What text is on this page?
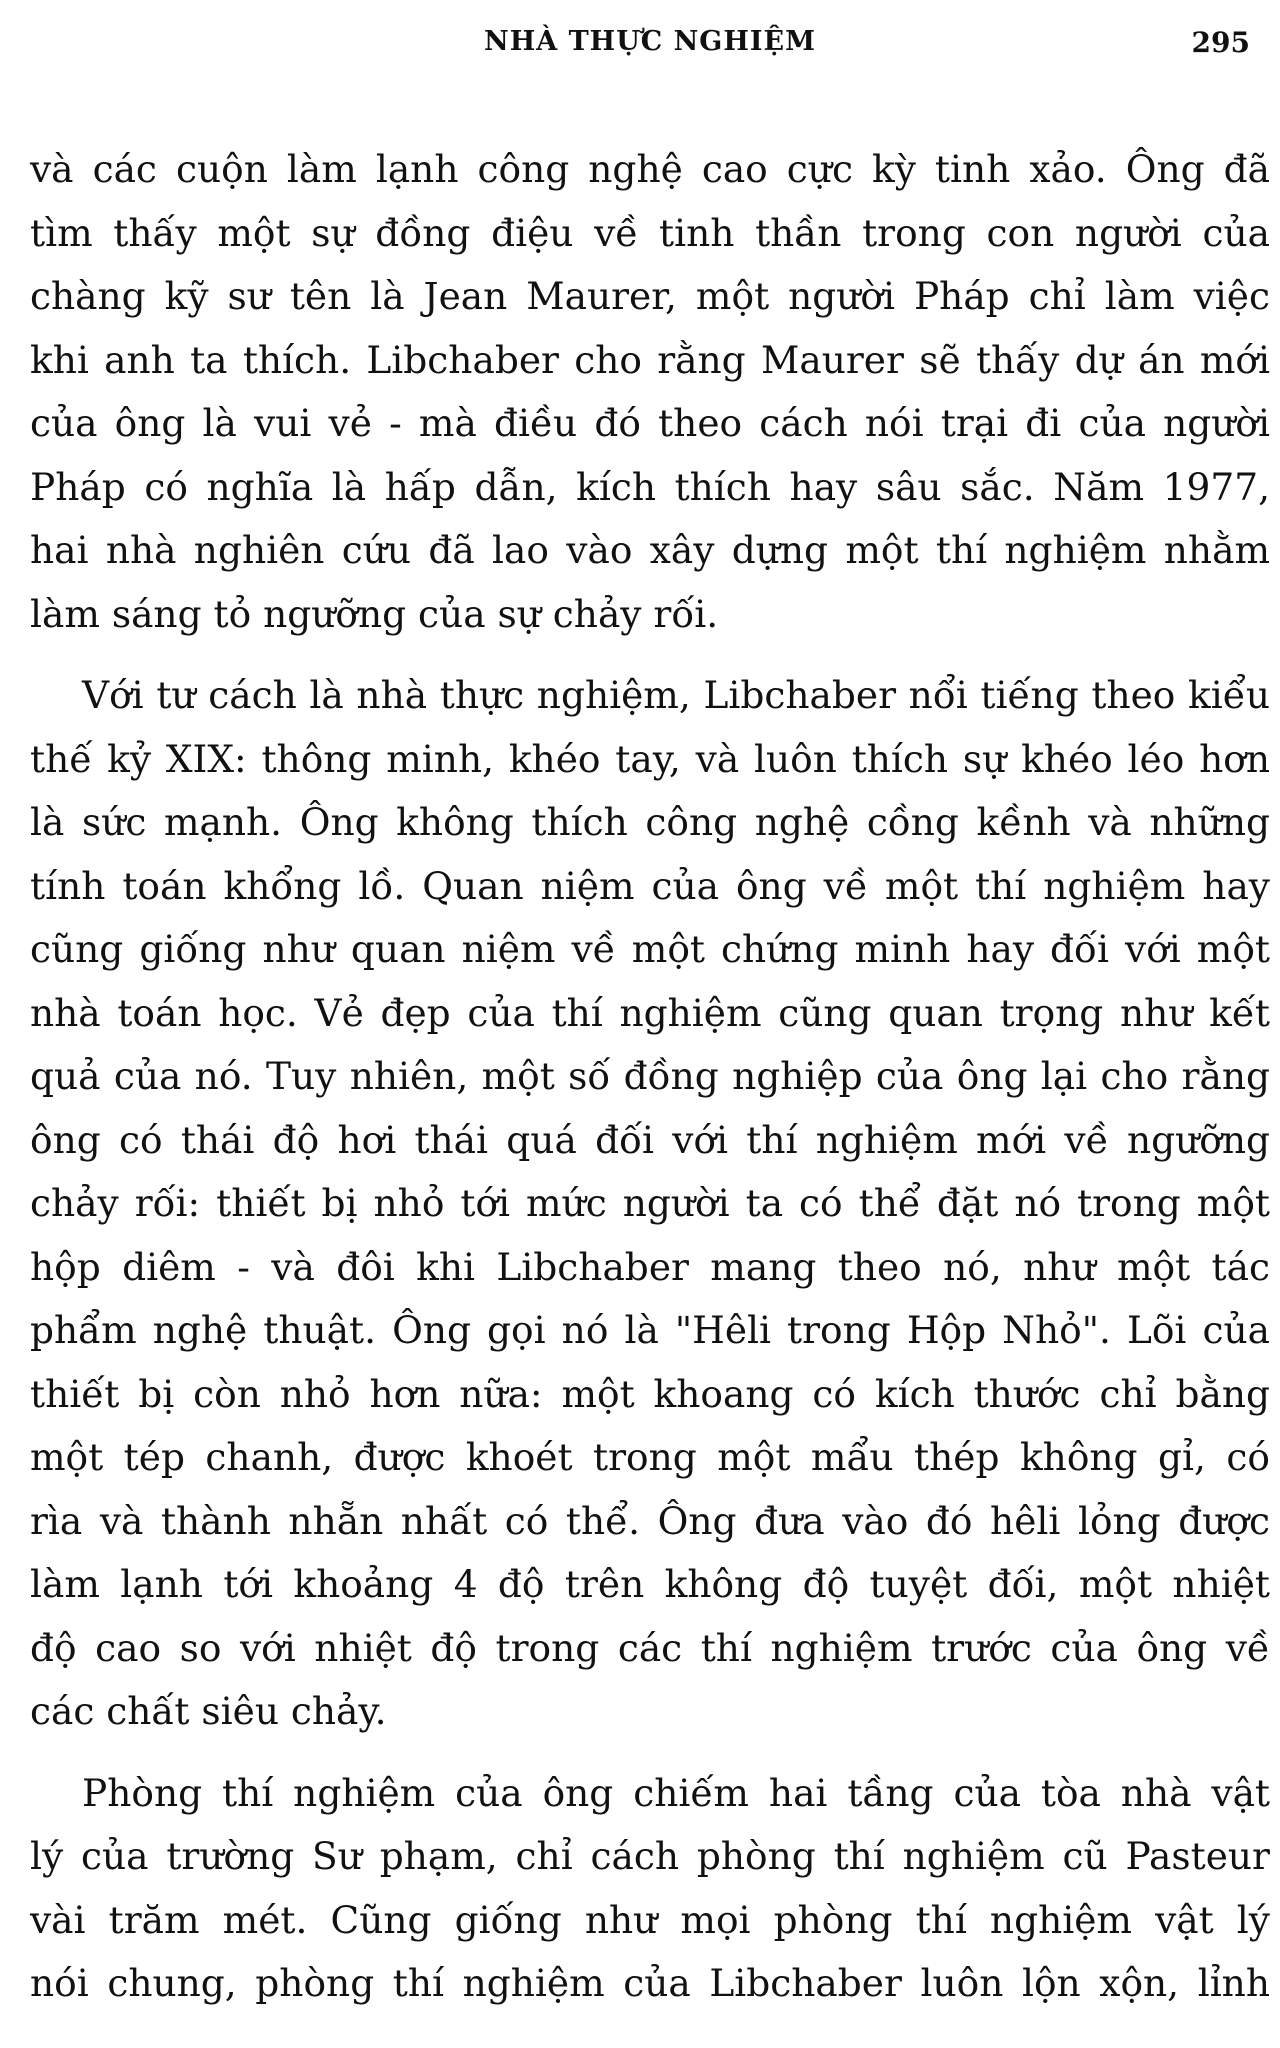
NHÀ THỰC NGHIỆM	295
và các cuộn làm lạnh công nghệ cao cực kỳ tinh xảo. Ông đã
tìm thấy một sự đồng điệu về tinh thần trong con người của
chàng kỹ sư tên là Jean Maurer, một người Pháp chỉ làm việc
khi anh ta thích. Libchaber cho rằng Maurer sẽ thấy dự án mới
của ông là vui vẻ - mà điều đó theo cách nói trại đi của người
Pháp có nghĩa là hấp dẫn, kích thích hay sâu sắc. Năm 1977,
hai nhà nghiên cứu đã lao vào xây dựng một thí nghiệm nhằm
làm sáng tỏ ngưỡng của sự chảy rối.
Với tư cách là nhà thực nghiệm, Libchaber nổi tiếng theo kiểu
thế kỷ XIX: thông minh, khéo tay, và luôn thích sự khéo léo hơn
là sức mạnh. Ông không thích công nghệ cồng kềnh và những
tính toán khổng lồ. Quan niệm của ông về một thí nghiệm hay
cũng giống như quan niệm về một chứng minh hay đối với một
nhà toán học. Vẻ đẹp của thí nghiệm cũng quan trọng như kết
quả của nó. Tuy nhiên, một số đồng nghiệp của ông lại cho rằng
ông có thái độ hơi thái quá đối với thí nghiệm mới về ngưỡng
chảy rối: thiết bị nhỏ tới mức người ta có thể đặt nó trong một
hộp diêm - và đôi khi Libchaber mang theo nó, như một tác
phẩm nghệ thuật. Ông gọi nó là "Hêli trong Hộp Nhỏ". Lõi của
thiết bị còn nhỏ hơn nữa: một khoang có kích thước chỉ bằng
một tép chanh, được khoét trong một mẩu thép không gỉ, có
rìa và thành nhẵn nhất có thể. Ông đưa vào đó hêli lỏng được
làm lạnh tới khoảng 4 độ trên không độ tuyệt đối, một nhiệt
độ cao so với nhiệt độ trong các thí nghiệm trước của ông về
các chất siêu chảy.
Phòng thí nghiệm của ông chiếm hai tầng của tòa nhà vật
lý của trường Sư phạm, chỉ cách phòng thí nghiệm cũ Pasteur
vài trăm mét. Cũng giống như mọi phòng thí nghiệm vật lý
nói chung, phòng thí nghiệm của Libchaber luôn lộn xộn, lỉnh
